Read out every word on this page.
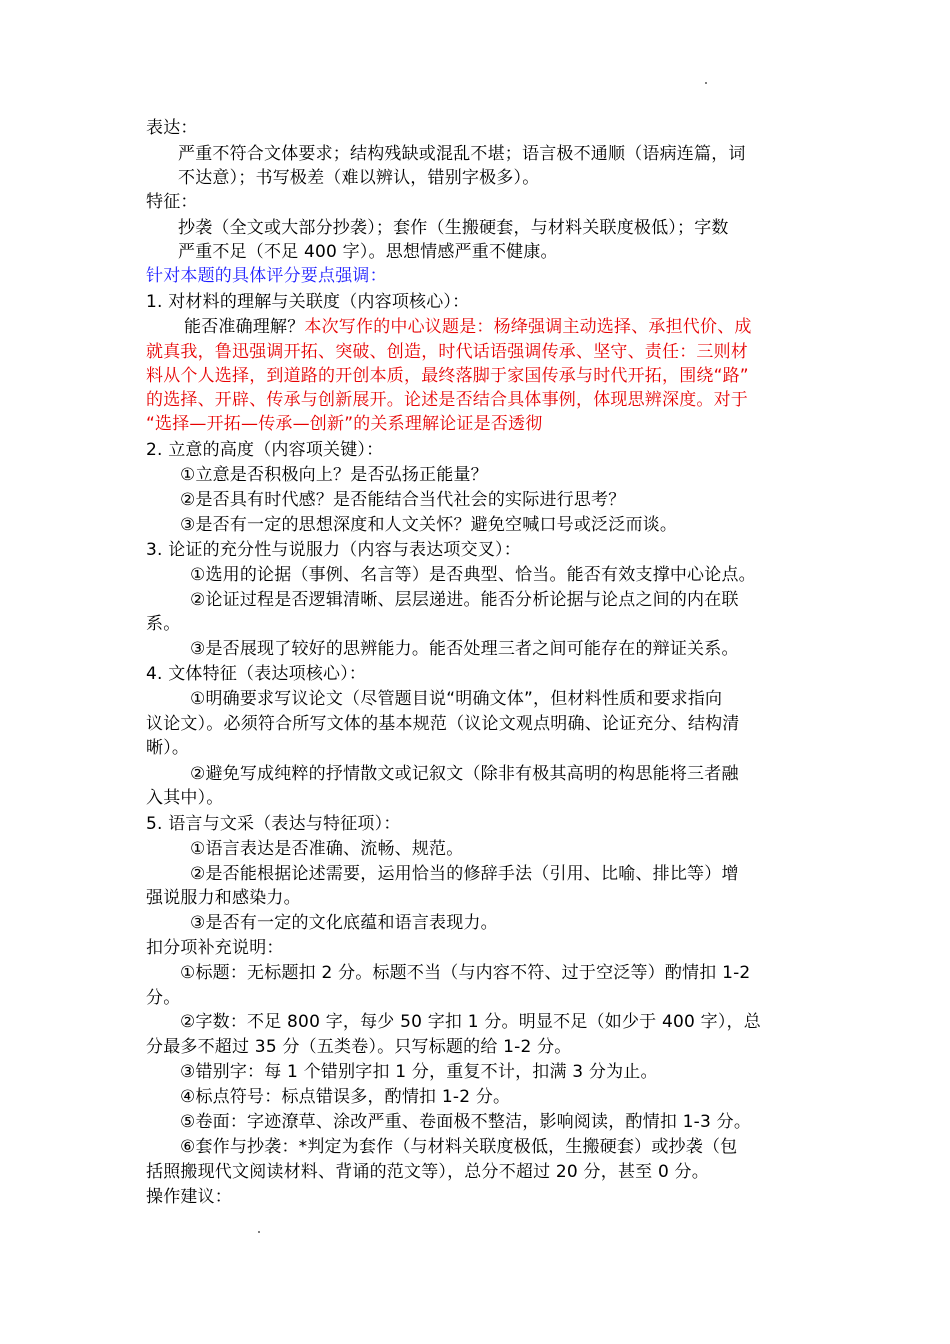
表达：
严重不符合文体要求；结构残缺或混乱不堪；语言极不通顺（语病连篇，词
不达意）；书写极差（难以辨认，错别字极多）。
特征：
抄袭（全文或大部分抄袭）；套作（生搬硬套，与材料关联度极低）；字数
严重不足（不足 400 字）。思想情感严重不健康。
针对本题的具体评分要点强调：
1. 对材料的理解与关联度（内容项核心）：
能否准确理解？本次写作的中心议题是：杨绛强调主动选择、承担代价、成
就真我，鲁迅强调开拓、突破、创造，时代话语强调传承、坚守、责任：三则材
料从个人选择，到道路的开创本质，最终落脚于家国传承与时代开拓，围绕“路”
的选择、开辟、传承与创新展开。论述是否结合具体事例，体现思辨深度。对于
“选择—开拓—传承—创新”的关系理解论证是否透彻
2. 立意的高度（内容项关键）：
①立意是否积极向上？是否弘扬正能量？
②是否具有时代感？是否能结合当代社会的实际进行思考？
③是否有一定的思想深度和人文关怀？避免空喊口号或泛泛而谈。
3. 论证的充分性与说服力（内容与表达项交叉）：
①选用的论据（事例、名言等）是否典型、恰当。能否有效支撑中心论点。
②论证过程是否逻辑清晰、层层递进。能否分析论据与论点之间的内在联
系。
③是否展现了较好的思辨能力。能否处理三者之间可能存在的辩证关系。
4. 文体特征（表达项核心）：
①明确要求写议论文（尽管题目说“明确文体”，但材料性质和要求指向
议论文）。必须符合所写文体的基本规范（议论文观点明确、论证充分、结构清
晰）。
②避免写成纯粹的抒情散文或记叙文（除非有极其高明的构思能将三者融
入其中）。
5. 语言与文采（表达与特征项）：
①语言表达是否准确、流畅、规范。
②是否能根据论述需要，运用恰当的修辞手法（引用、比喻、排比等）增
强说服力和感染力。
③是否有一定的文化底蕴和语言表现力。
扣分项补充说明：
①标题：无标题扣 2 分。标题不当（与内容不符、过于空泛等）酌情扣 1-2
分。
②字数：不足 800 字，每少 50 字扣 1 分。明显不足（如少于 400 字），总
分最多不超过 35 分（五类卷）。只写标题的给 1-2 分。
③错别字：每 1 个错别字扣 1 分，重复不计，扣满 3 分为止。
④标点符号：标点错误多，酌情扣 1-2 分。
⑤卷面：字迹潦草、涂改严重、卷面极不整洁，影响阅读，酌情扣 1-3 分。
⑥套作与抄袭：*判定为套作（与材料关联度极低，生搬硬套）或抄袭（包
括照搬现代文阅读材料、背诵的范文等），总分不超过 20 分，甚至 0 分。
操作建议：
